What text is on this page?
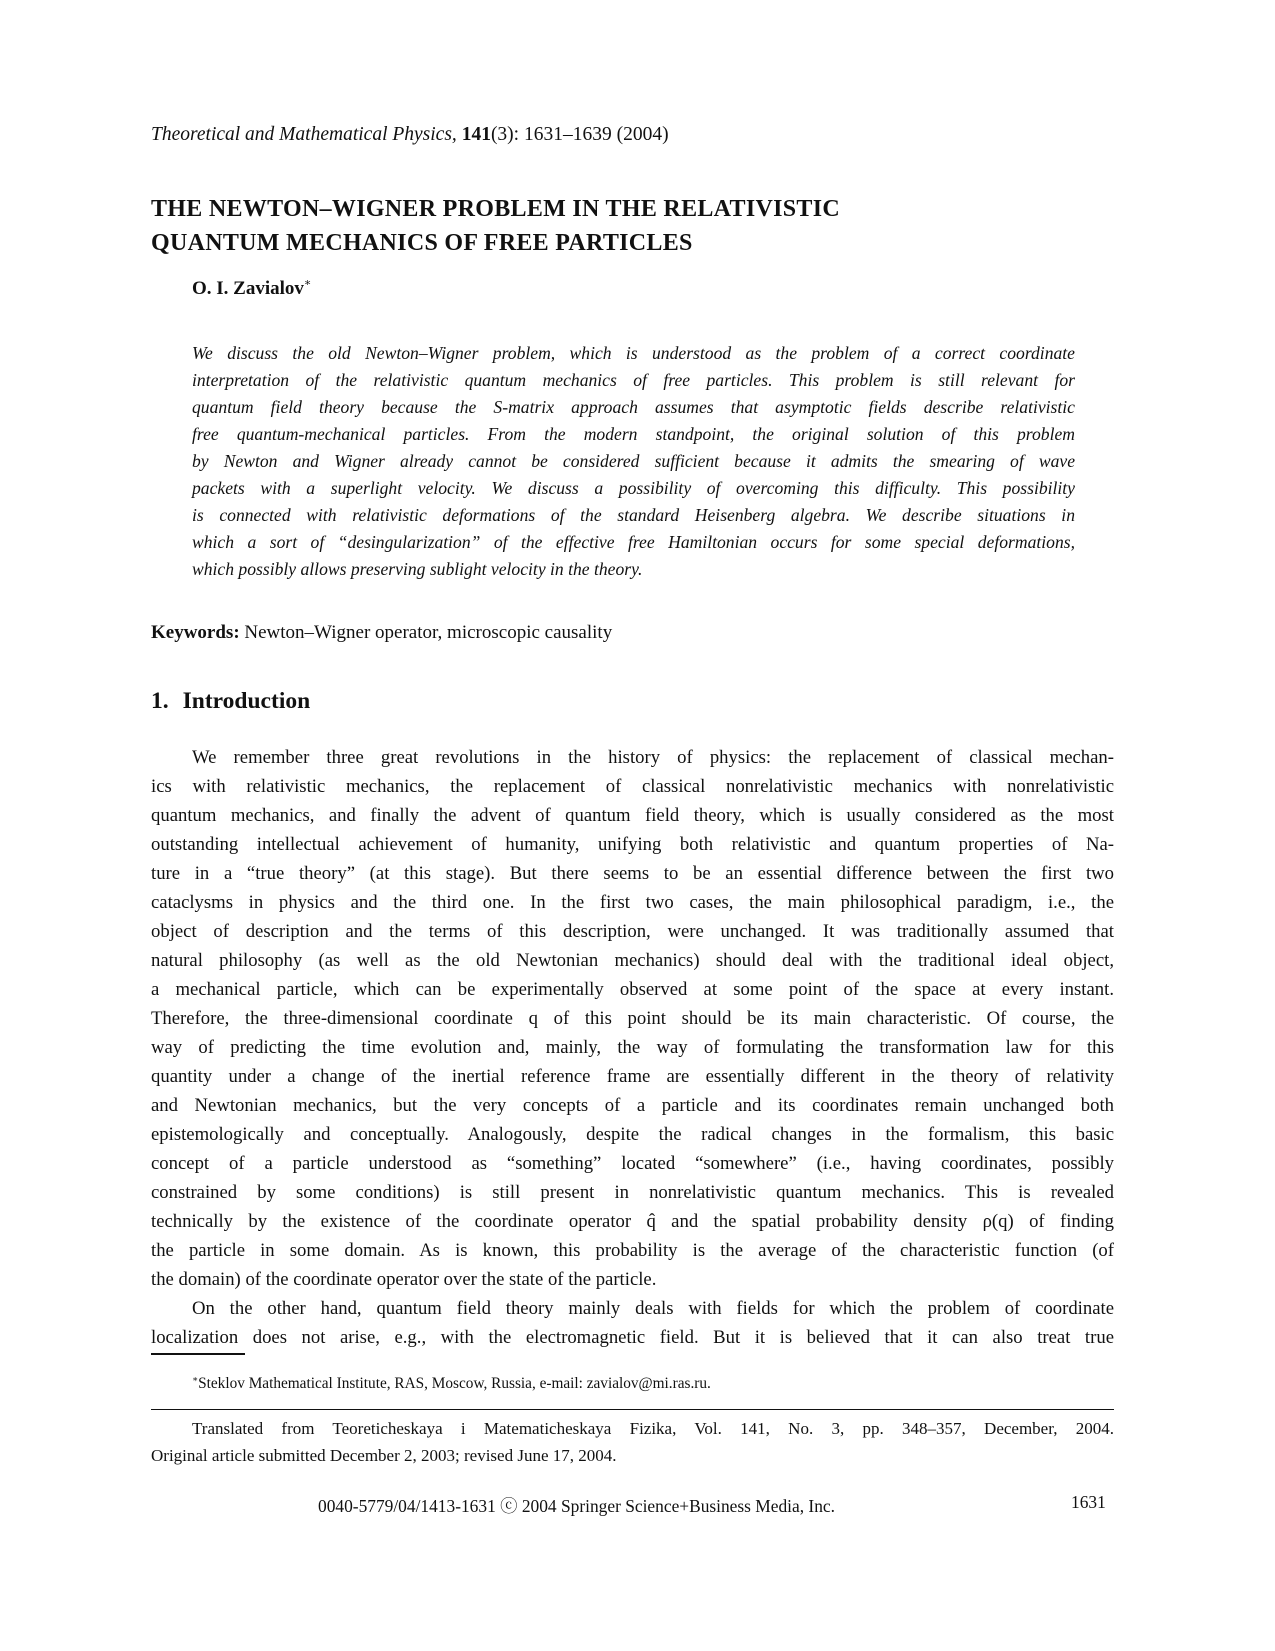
Theoretical and Mathematical Physics, 141(3): 1631–1639 (2004)
THE NEWTON–WIGNER PROBLEM IN THE RELATIVISTIC
QUANTUM MECHANICS OF FREE PARTICLES
O. I. Zavialov∗
We discuss the old Newton–Wigner problem, which is understood as the problem of a correct coordinate
interpretation of the relativistic quantum mechanics of free particles. This problem is still relevant for
quantum field theory because the S-matrix approach assumes that asymptotic fields describe relativistic
free quantum-mechanical particles. From the modern standpoint, the original solution of this problem
by Newton and Wigner already cannot be considered sufficient because it admits the smearing of wave
packets with a superlight velocity. We discuss a possibility of overcoming this difficulty. This possibility
is connected with relativistic deformations of the standard Heisenberg algebra. We describe situations in
which a sort of “desingularization” of the effective free Hamiltonian occurs for some special deformations,
which possibly allows preserving sublight velocity in the theory.
Keywords: Newton–Wigner operator, microscopic causality
1. Introduction
We remember three great revolutions in the history of physics: the replacement of classical mechan-
ics with relativistic mechanics, the replacement of classical nonrelativistic mechanics with nonrelativistic
quantum mechanics, and finally the advent of quantum field theory, which is usually considered as the most
outstanding intellectual achievement of humanity, unifying both relativistic and quantum properties of Na-
ture in a “true theory” (at this stage). But there seems to be an essential difference between the first two
cataclysms in physics and the third one. In the first two cases, the main philosophical paradigm, i.e., the
object of description and the terms of this description, were unchanged. It was traditionally assumed that
natural philosophy (as well as the old Newtonian mechanics) should deal with the traditional ideal object,
a mechanical particle, which can be experimentally observed at some point of the space at every instant.
Therefore, the three-dimensional coordinate q of this point should be its main characteristic. Of course, the
way of predicting the time evolution and, mainly, the way of formulating the transformation law for this
quantity under a change of the inertial reference frame are essentially different in the theory of relativity
and Newtonian mechanics, but the very concepts of a particle and its coordinates remain unchanged both
epistemologically and conceptually. Analogously, despite the radical changes in the formalism, this basic
concept of a particle understood as “something” located “somewhere” (i.e., having coordinates, possibly
constrained by some conditions) is still present in nonrelativistic quantum mechanics. This is revealed
technically by the existence of the coordinate operator q̂ and the spatial probability density ρ(q) of finding
the particle in some domain. As is known, this probability is the average of the characteristic function (of
the domain) of the coordinate operator over the state of the particle.
On the other hand, quantum field theory mainly deals with fields for which the problem of coordinate
localization does not arise, e.g., with the electromagnetic field. But it is believed that it can also treat true
∗Steklov Mathematical Institute, RAS, Moscow, Russia, e-mail: zavialov@mi.ras.ru.
Translated from Teoreticheskaya i Matematicheskaya Fizika, Vol. 141, No. 3, pp. 348–357, December, 2004.
Original article submitted December 2, 2003; revised June 17, 2004.
0040-5779/04/1413-1631 ⓒ 2004 Springer Science+Business Media, Inc.	1631
